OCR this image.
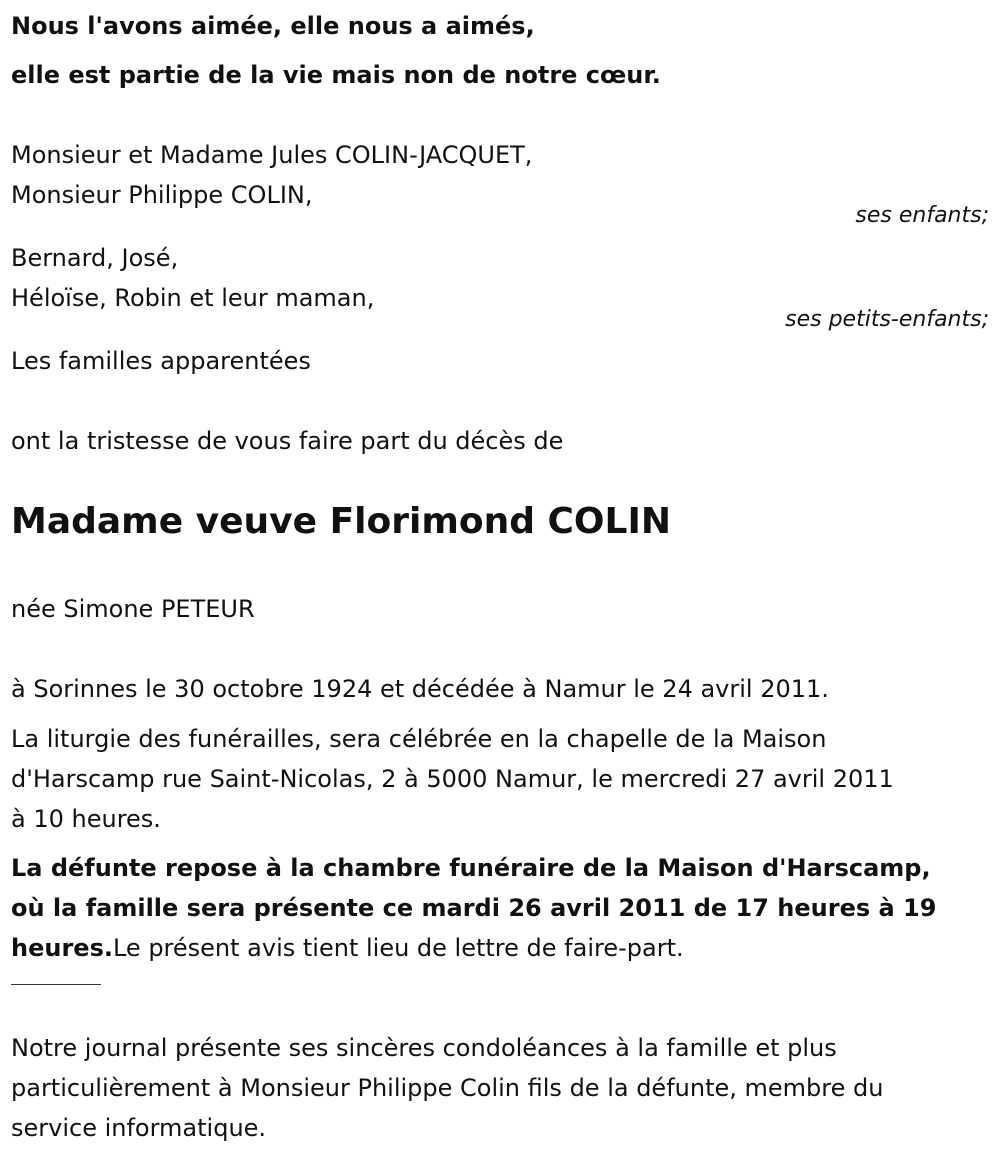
Nous l'avons aimée, elle nous a aimés,
elle est partie de la vie mais non de notre cœur.
Monsieur et Madame Jules COLIN-JACQUET,
Monsieur Philippe COLIN,
ses enfants;
Bernard, José,
Héloïse, Robin et leur maman,
ses petits-enfants;
Les familles apparentées
ont la tristesse de vous faire part du décès de
Madame veuve Florimond COLIN
née Simone PETEUR
à Sorinnes le 30 octobre 1924 et décédée à Namur le 24 avril 2011.
La liturgie des funérailles, sera célébrée en la chapelle de la Maison
d'Harscamp rue Saint-Nicolas, 2 à 5000 Namur, le mercredi 27 avril 2011
à 10 heures.
La défunte repose à la chambre funéraire de la Maison d'Harscamp,
où la famille sera présente ce mardi 26 avril 2011 de 17 heures à 19
heures.Le présent avis tient lieu de lettre de faire-part.
Notre journal présente ses sincères condoléances à la famille et plus
particulièrement à Monsieur Philippe Colin fils de la défunte, membre du
service informatique.
